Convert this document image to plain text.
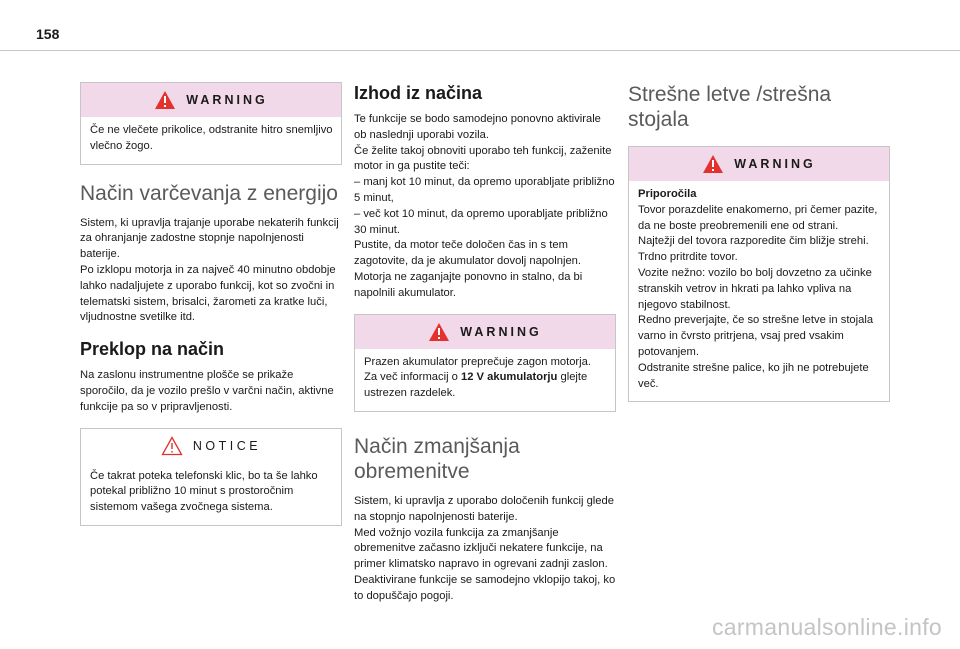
158
WARNING

Če ne vlečete prikolice, odstranite hitro snemljivo vlečno žogo.

Način varčevanja z energijo

Sistem, ki upravlja trajanje uporabe nekaterih funkcij za ohranjanje zadostne stopnje napolnjenosti baterije.

Po izklopu motorja in za največ 40 minutno obdobje lahko nadaljujete z uporabo funkcij, kot so zvočni in telematski sistem, brisalci, žarometi za kratke luči, vljudnostne svetilke itd.

Preklop na način

Na zaslonu instrumentne plošče se prikaže sporočilo, da je vozilo prešlo v varčni način, aktivne funkcije pa so v pripravljenosti.

NOTICE

Če takrat poteka telefonski klic, bo ta še lahko potekal približno 10 minut s prostoročnim sistemom vašega zvočnega sistema.

Izhod iz načina

Te funkcije se bodo samodejno ponovno aktivirale ob naslednji uporabi vozila.

Če želite takoj obnoviti uporabo teh funkcij, zaženite motor in ga pustite teči:

– manj kot 10 minut, da opremo uporabljate približno 5 minut,

– več kot 10 minut, da opremo uporabljate približno 30 minut.

Pustite, da motor teče določen čas in s tem zagotovite, da je akumulator dovolj napolnjen.

Motorja ne zaganjajte ponovno in stalno, da bi napolnili akumulator.

WARNING

Prazen akumulator preprečuje zagon motorja. Za več informacij o 12 V akumulatorju glejte ustrezen razdelek.

Način zmanjšanja obremenitve

Sistem, ki upravlja z uporabo določenih funkcij glede na stopnjo napolnjenosti baterije.

Med vožnjo vozila funkcija za zmanjšanje obremenitve začasno izključi nekatere funkcije, na primer klimatsko napravo in ogrevani zadnji zaslon.

Deaktivirane funkcije se samodejno vklopijo takoj, ko to dopuščajo pogoji.

Strešne letve /strešna stojala
WARNING

Priporočila

Tovor porazdelite enakomerno, pri čemer pazite, da ne boste preobremenili ene od strani.

Najtežji del tovora razporedite čim bližje strehi.

Trdno pritrdite tovor.

Vozite nežno: vozilo bo bolj dovzetno za učinke stranskih vetrov in hkrati pa lahko vpliva na njegovo stabilnost.

Redno preverjajte, če so strešne letve in stojala varno in čvrsto pritrjena, vsaj pred vsakim potovanjem.

Odstranite strešne palice, ko jih ne potrebujete več.

carmanualsonline.info
